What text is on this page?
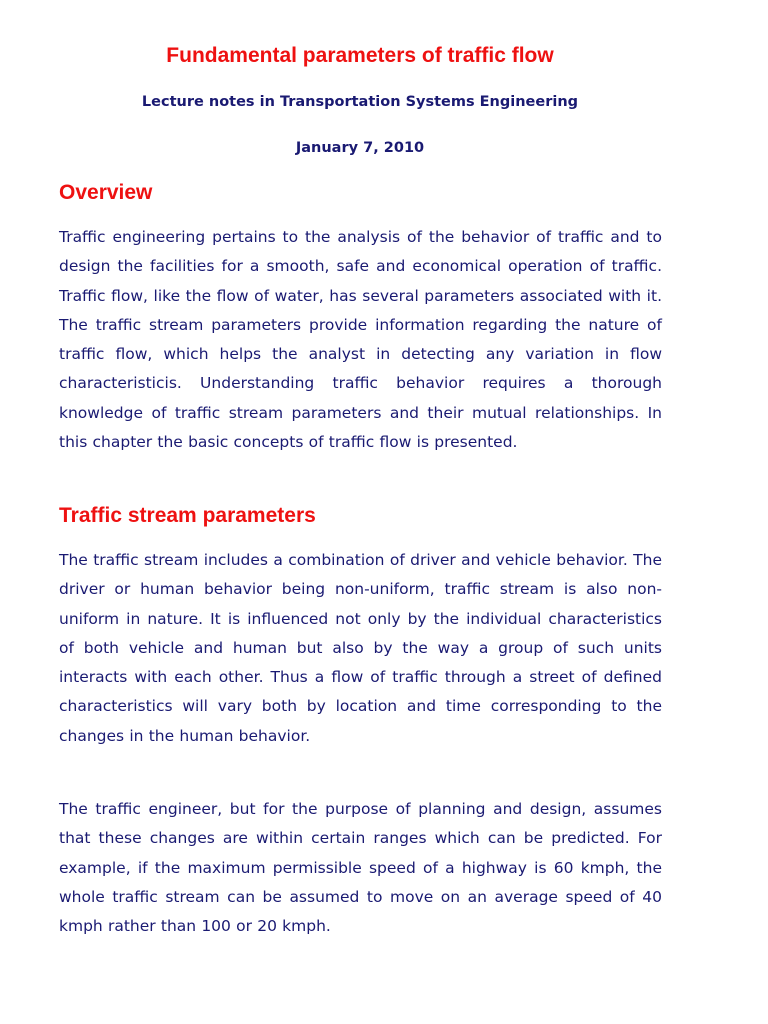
Fundamental parameters of traffic flow
Lecture notes in Transportation Systems Engineering
January 7, 2010
Overview

Traffic engineering pertains to the analysis of the behavior of traffic and to design the facilities for a smooth, safe and economical operation of traffic. Traffic flow, like the flow of water, has several parameters associated with it. The traffic stream parameters provide information regarding the nature of traffic flow, which helps the analyst in detecting any variation in flow characteristicis. Understanding traffic behavior requires a thorough knowledge of traffic stream parameters and their mutual relationships. In this chapter the basic concepts of traffic flow is presented.

Traffic stream parameters

The traffic stream includes a combination of driver and vehicle behavior. The driver or human behavior being non-uniform, traffic stream is also non-uniform in nature. It is influenced not only by the individual characteristics of both vehicle and human but also by the way a group of such units interacts with each other. Thus a flow of traffic through a street of defined characteristics will vary both by location and time corresponding to the changes in the human behavior.

The traffic engineer, but for the purpose of planning and design, assumes that these changes are within certain ranges which can be predicted. For example, if the maximum permissible speed of a highway is 60 kmph, the whole traffic stream can be assumed to move on an average speed of 40 kmph rather than 100 or 20 kmph.
